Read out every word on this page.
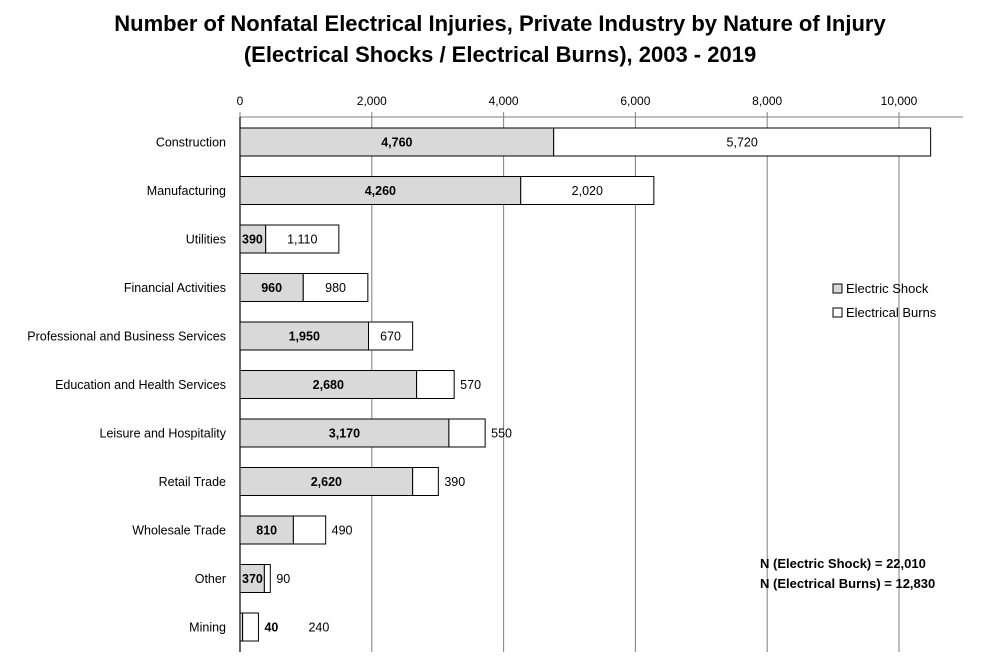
Number of Nonfatal Electrical Injuries, Private Industry by Nature of Injury
(Electrical Shocks / Electrical Burns), 2003 - 2019
0	2,000	4,000	6,000	8,000	10,000
4,760	5,720
4,260	2,020
390 1,110
960	980
1,950	670
2,680	570
3,170	550
2,620	390
810	490
370 90
40 240
Construction
Manufacturing
Utilities
Financial Activities
Professional and Business Services
Education and Health Services
Leisure and Hospitality
Retail Trade
Wholesale Trade
Other
Mining
Electric Shock
Electrical Burns
N (Electric Shock) = 22,010
N (Electrical Burns) = 12,830
